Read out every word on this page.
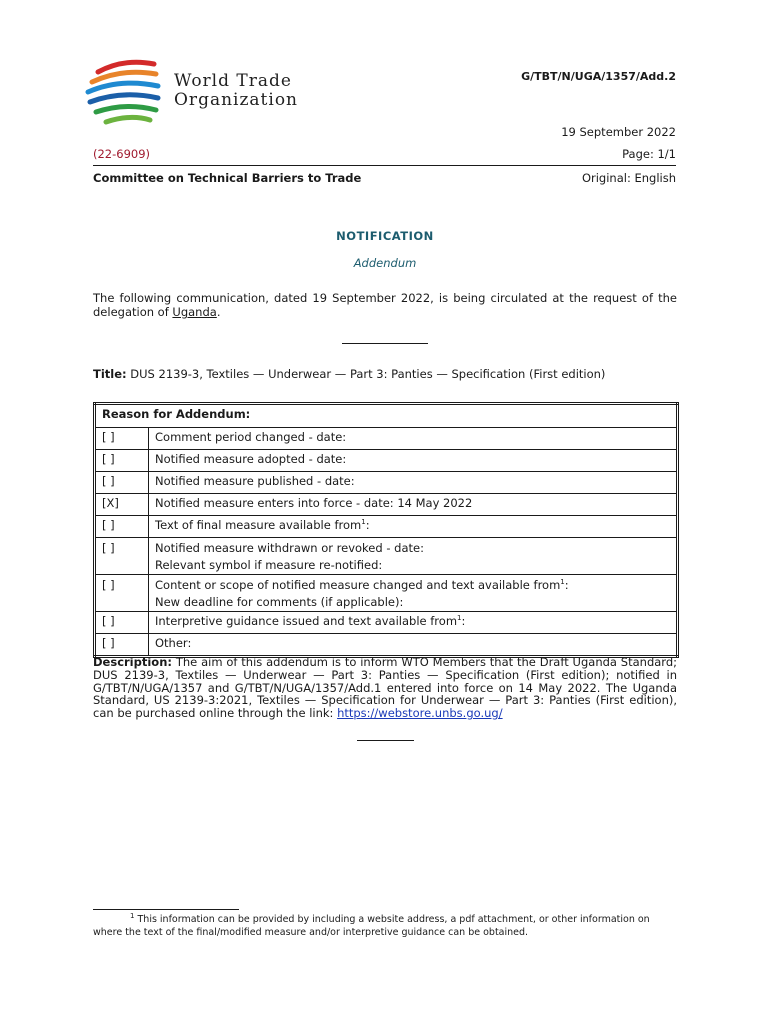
World Trade
Organization
G/TBT/N/UGA/1357/Add.2
19 September 2022
(22-6909)	Page: 1/1
Committee on Technical Barriers to Trade	Original: English
NOTIFICATION
Addendum
The following communication, dated 19 September 2022, is being circulated at the request of the delegation of Uganda.
Title: DUS 2139-3, Textiles — Underwear — Part 3: Panties — Specification (First edition)
Reason for Addendum:	
[ ]	Comment period changed - date:
[ ]	Notified measure adopted - date:
[ ]	Notified measure published - date:
[X]	Notified measure enters into force - date: 14 May 2022
[ ]	Text of final measure available from$^1$:
[ ]	Notified measure withdrawn or revoked - date:
Relevant symbol if measure re-notified:

[ ]	Content or scope of notified measure changed and text available from$^1$:
New deadline for comments (if applicable):

[ ]	Interpretive guidance issued and text available from$^1$:
[ ]	Other:
Description: The aim of this addendum is to inform WTO Members that the Draft Uganda Standard; DUS 2139-3, Textiles — Underwear — Part 3: Panties — Specification (First edition); notified in G/TBT/N/UGA/1357 and G/TBT/N/UGA/1357/Add.1 entered into force on 14 May 2022. The Uganda Standard, US 2139-3:2021, Textiles — Specification for Underwear — Part 3: Panties (First edition), can be purchased online through the link: https://webstore.unbs.go.ug/
$^1$ This information can be provided by including a website address, a pdf attachment, or other information on where the text of the final/modified measure and/or interpretive guidance can be obtained.
